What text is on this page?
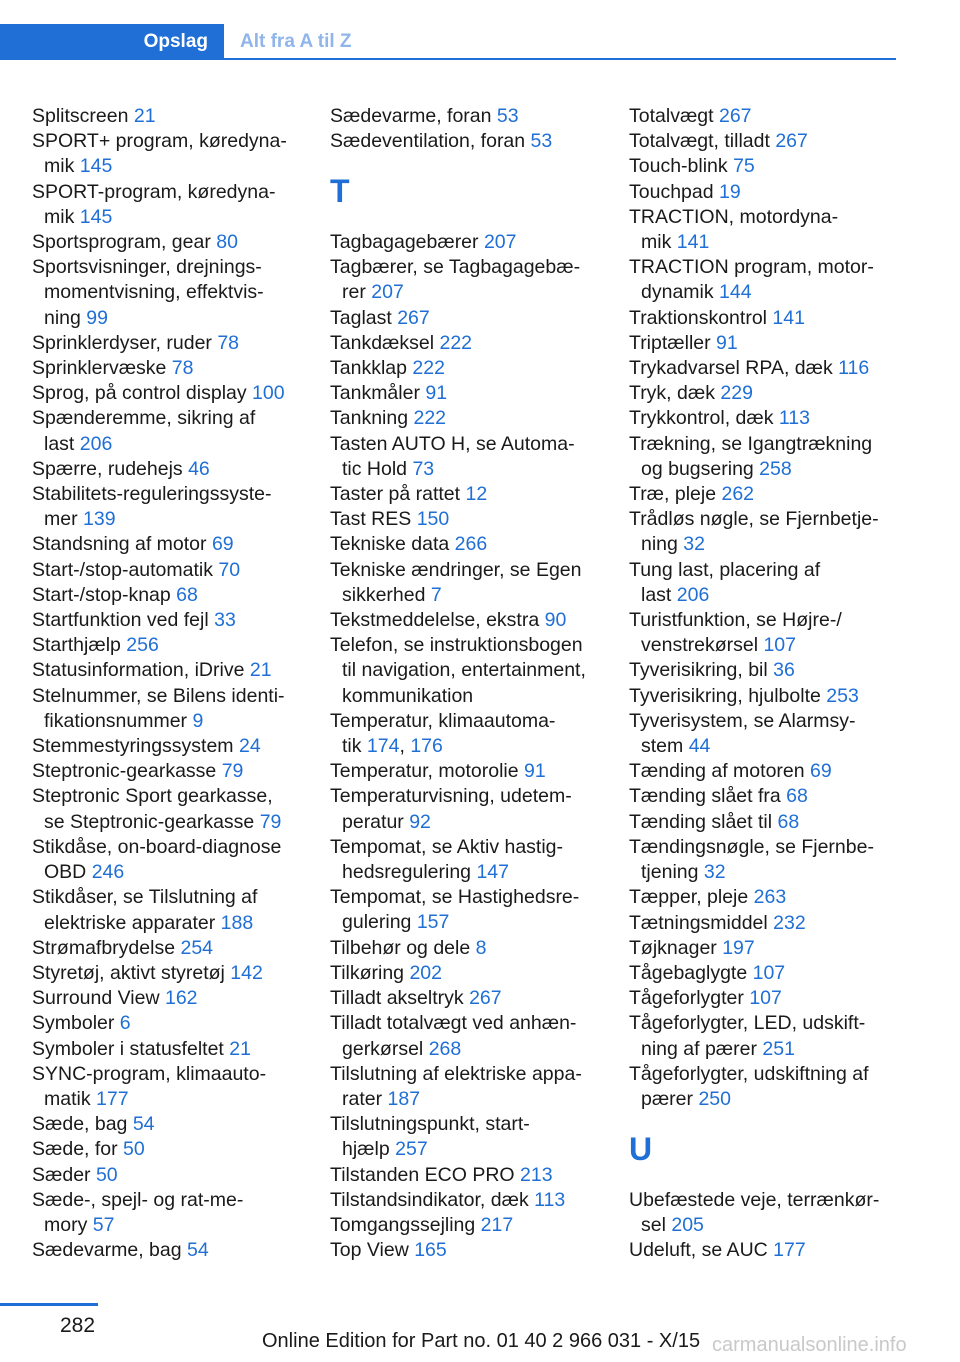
Opslag	Alt fra A til Z
Splitscreen 21
SPORT+ program, køredyna-
mik 145
SPORT-program, køredyna-
mik 145
Sportsprogram, gear 80
Sportsvisninger, drejnings-
momentvisning, effektvis-
ning 99
Sprinklerdyser, ruder 78
Sprinklervæske 78
Sprog, på control display 100
Spænderemme, sikring af
last 206
Spærre, rudehejs 46
Stabilitets-reguleringssyste-
mer 139
Standsning af motor 69
Start-/stop-automatik 70
Start-/stop-knap 68
Startfunktion ved fejl 33
Starthjælp 256
Statusinformation, iDrive 21
Stelnummer, se Bilens identi-
fikationsnummer 9
Stemmestyringssystem 24
Steptronic-gearkasse 79
Steptronic Sport gearkasse,
se Steptronic-gearkasse 79
Stikdåse, on-board-diagnose
OBD 246
Stikdåser, se Tilslutning af
elektriske apparater 188
Strømafbrydelse 254
Styretøj, aktivt styretøj 142
Surround View 162
Symboler 6
Symboler i statusfeltet 21
SYNC-program, klimaauto-
matik 177
Sæde, bag 54
Sæde, for 50
Sæder 50
Sæde-, spejl- og rat-me-
mory 57
Sædevarme, bag 54
Sædevarme, foran 53
Sædeventilation, foran 53
T
Tagbagagebærer 207
Tagbærer, se Tagbagagebæ-
rer 207
Taglast 267
Tankdæksel 222
Tankklap 222
Tankmåler 91
Tankning 222
Tasten AUTO H, se Automa-
tic Hold 73
Taster på rattet 12
Tast RES 150
Tekniske data 266
Tekniske ændringer, se Egen
sikkerhed 7
Tekstmeddelelse, ekstra 90
Telefon, se instruktionsbogen
til navigation, entertainment,
kommunikation
Temperatur, klimaautoma-
tik 174, 176
Temperatur, motorolie 91
Temperaturvisning, udetem-
peratur 92
Tempomat, se Aktiv hastig-
hedsregulering 147
Tempomat, se Hastighedsre-
gulering 157
Tilbehør og dele 8
Tilkøring 202
Tilladt akseltryk 267
Tilladt totalvægt ved anhæn-
gerkørsel 268
Tilslutning af elektriske appa-
rater 187
Tilslutningspunkt, start-
hjælp 257
Tilstanden ECO PRO 213
Tilstandsindikator, dæk 113
Tomgangssejling 217
Top View 165
Totalvægt 267
Totalvægt, tilladt 267
Touch-blink 75
Touchpad 19
TRACTION, motordyna-
mik 141
TRACTION program, motor-
dynamik 144
Traktionskontrol 141
Triptæller 91
Trykadvarsel RPA, dæk 116
Tryk, dæk 229
Trykkontrol, dæk 113
Trækning, se Igangtrækning
og bugsering 258
Træ, pleje 262
Trådløs nøgle, se Fjernbetje-
ning 32
Tung last, placering af
last 206
Turistfunktion, se Højre-/
venstrekørsel 107
Tyverisikring, bil 36
Tyverisikring, hjulbolte 253
Tyverisystem, se Alarmsy-
stem 44
Tænding af motoren 69
Tænding slået fra 68
Tænding slået til 68
Tændingsnøgle, se Fjernbe-
tjening 32
Tæpper, pleje 263
Tætningsmiddel 232
Tøjknager 197
Tågebaglygte 107
Tågeforlygter 107
Tågeforlygter, LED, udskift-
ning af pærer 251
Tågeforlygter, udskiftning af
pærer 250
U
Ubefæstede veje, terrænkør-
sel 205
Udeluft, se AUC 177
282
Online Edition for Part no. 01 40 2 966 031 - X/15 carmanualsonline.info
